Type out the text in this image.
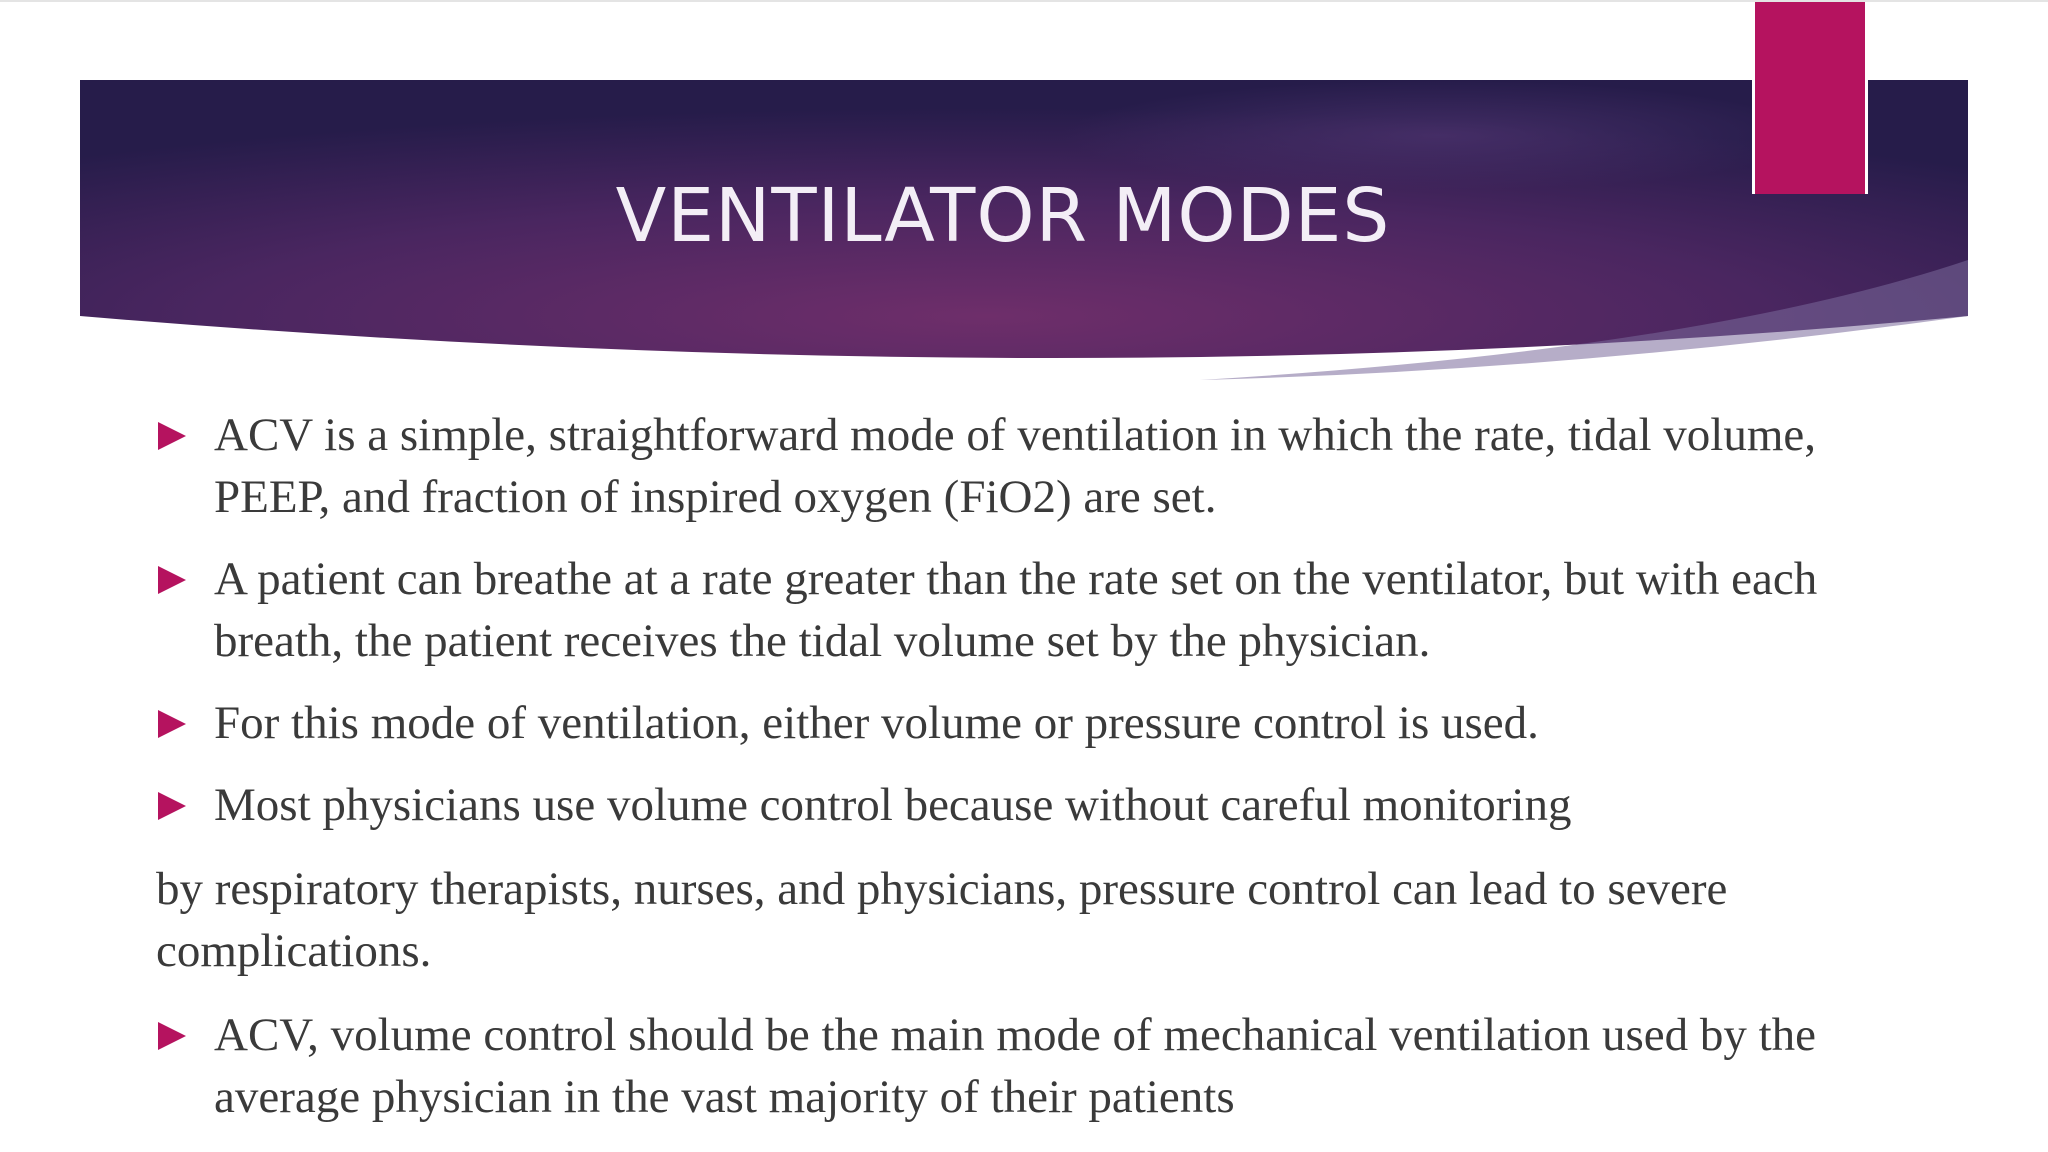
VENTILATOR MODES
ACV is a simple, straightforward mode of ventilation in which the rate, tidal volume, PEEP, and fraction of inspired oxygen (FiO2) are set.
A patient can breathe at a rate greater than the rate set on the ventilator, but with each breath, the patient receives the tidal volume set by the physician.
For this mode of ventilation, either volume or pressure control is used.
Most physicians use volume control because without careful monitoring
by respiratory therapists, nurses, and physicians, pressure control can lead to severe complications.
ACV, volume control should be the main mode of mechanical ventilation used by the average physician in the vast majority of their patients
